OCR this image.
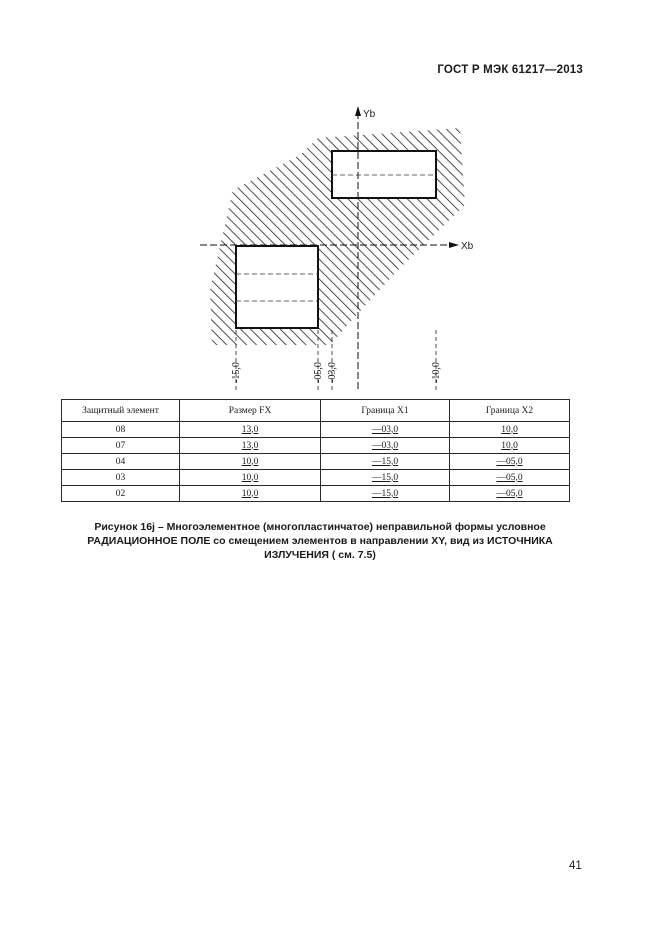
ГОСТ Р МЭК 61217—2013
Yb
Xb
-15,0	-05,0 -03,0	-10,0
Защитный элемент	Размер FX	Граница X1	Граница X2
08	13,0	—03,0	10,0
07	13,0	—03,0	10,0
04	10,0	—15,0	—05,0
03	10,0	—15,0	—05,0
02	10,0	—15,0	—05,0
Рисунок 16j – Многоэлементное (многопластинчатое) неправильной формы условное
РАДИАЦИОННОЕ ПОЛЕ со смещением элементов в направлении XY, вид из ИСТОЧНИКА
ИЗЛУЧЕНИЯ ( см. 7.5)
41
